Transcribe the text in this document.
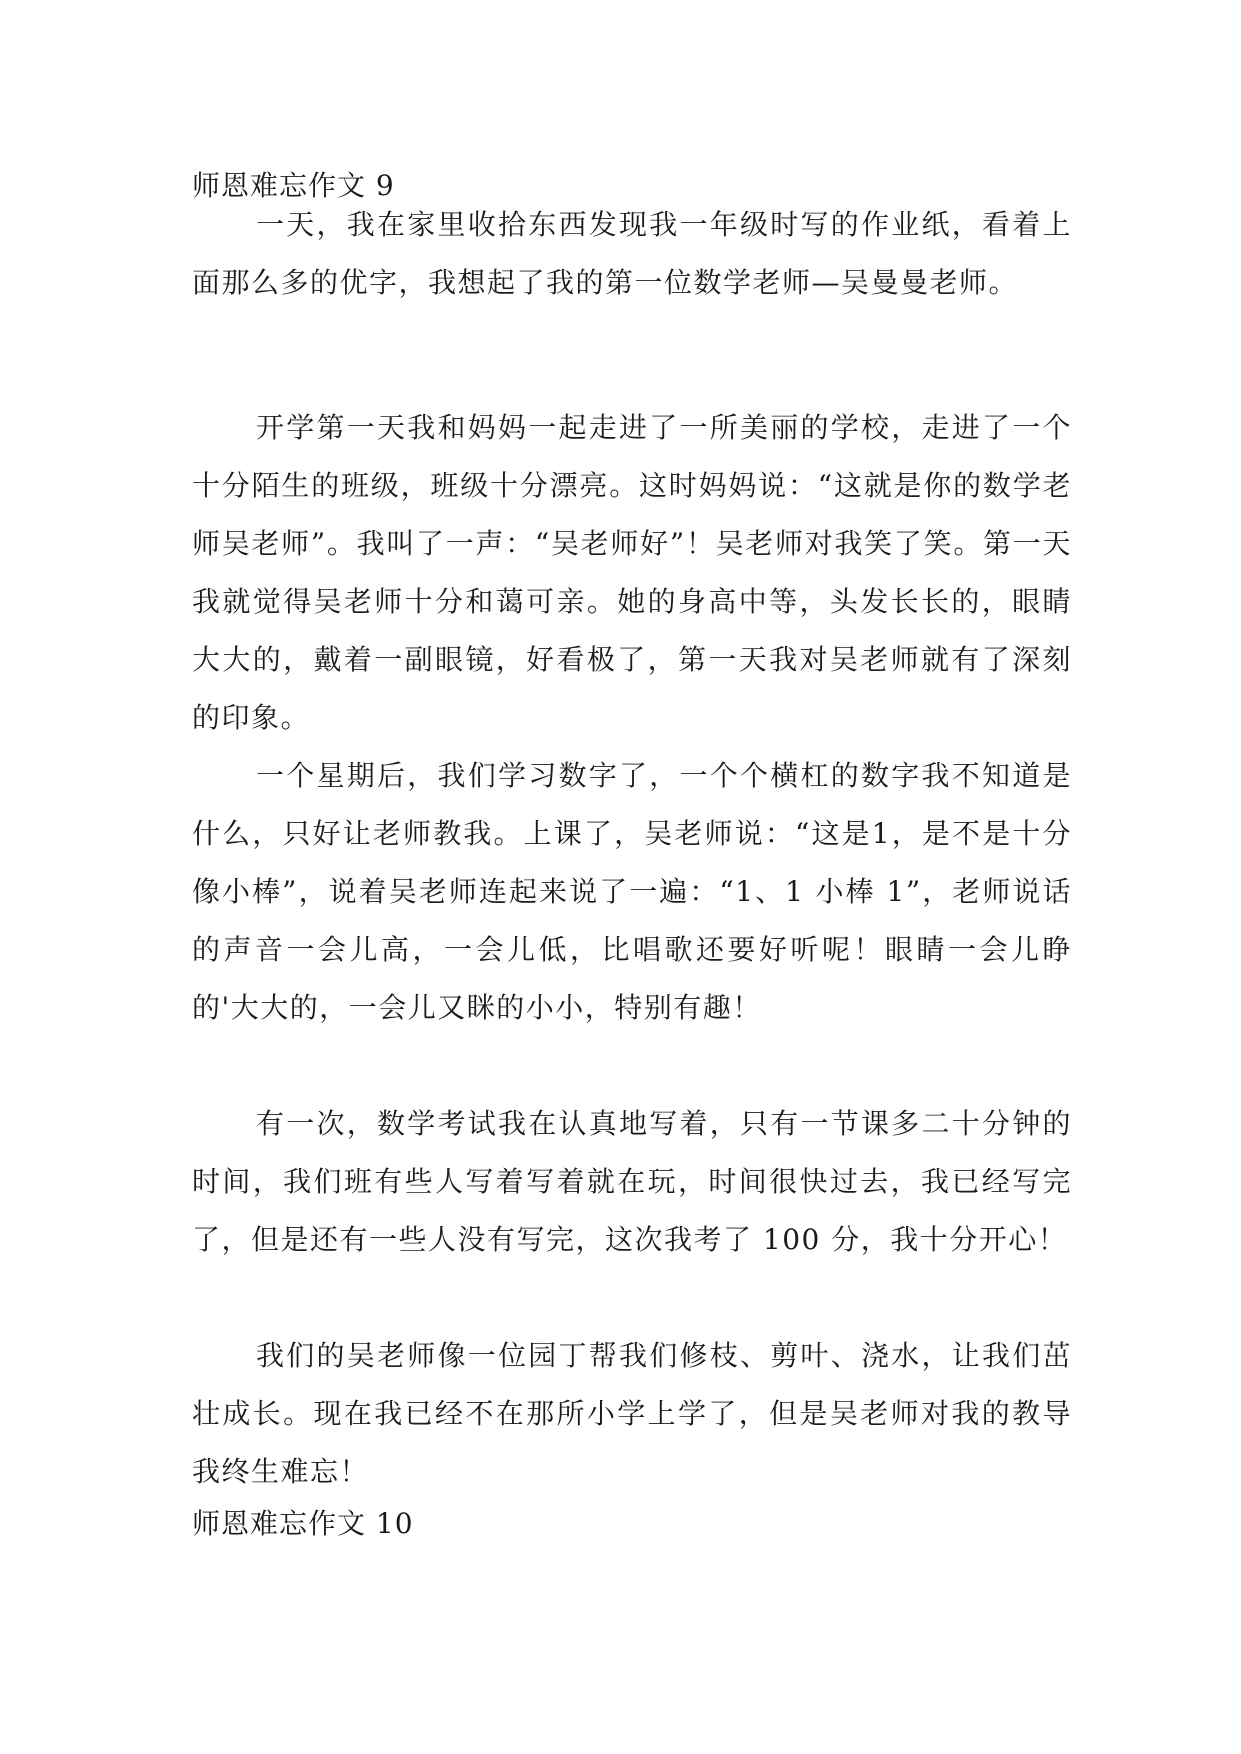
师恩难忘作文 9

一天，我在家里收拾东西发现我一年级时写的作业纸，看着上面那么多的优字，我想起了我的第一位数学老师—吴曼曼老师。

开学第一天我和妈妈一起走进了一所美丽的学校，走进了一个十分陌生的班级，班级十分漂亮。这时妈妈说：“这就是你的数学老师吴老师”。我叫了一声：“吴老师好”！吴老师对我笑了笑。第一天我就觉得吴老师十分和蔼可亲。她的身高中等，头发长长的，眼睛大大的，戴着一副眼镜，好看极了，第一天我对吴老师就有了深刻的印象。

一个星期后，我们学习数字了，一个个横杠的数字我不知道是什么，只好让老师教我。上课了，吴老师说：“这是1，是不是十分像小棒”，说着吴老师连起来说了一遍：“1、1 小棒 1”，老师说话的声音一会儿高，一会儿低，比唱歌还要好听呢！眼睛一会儿睁的'大大的，一会儿又眯的小小，特别有趣！

有一次，数学考试我在认真地写着，只有一节课多二十分钟的时间，我们班有些人写着写着就在玩，时间很快过去，我已经写完了，但是还有一些人没有写完，这次我考了 100 分，我十分开心！

我们的吴老师像一位园丁帮我们修枝、剪叶、浇水，让我们茁壮成长。现在我已经不在那所小学上学了，但是吴老师对我的教导我终生难忘！

师恩难忘作文 10
